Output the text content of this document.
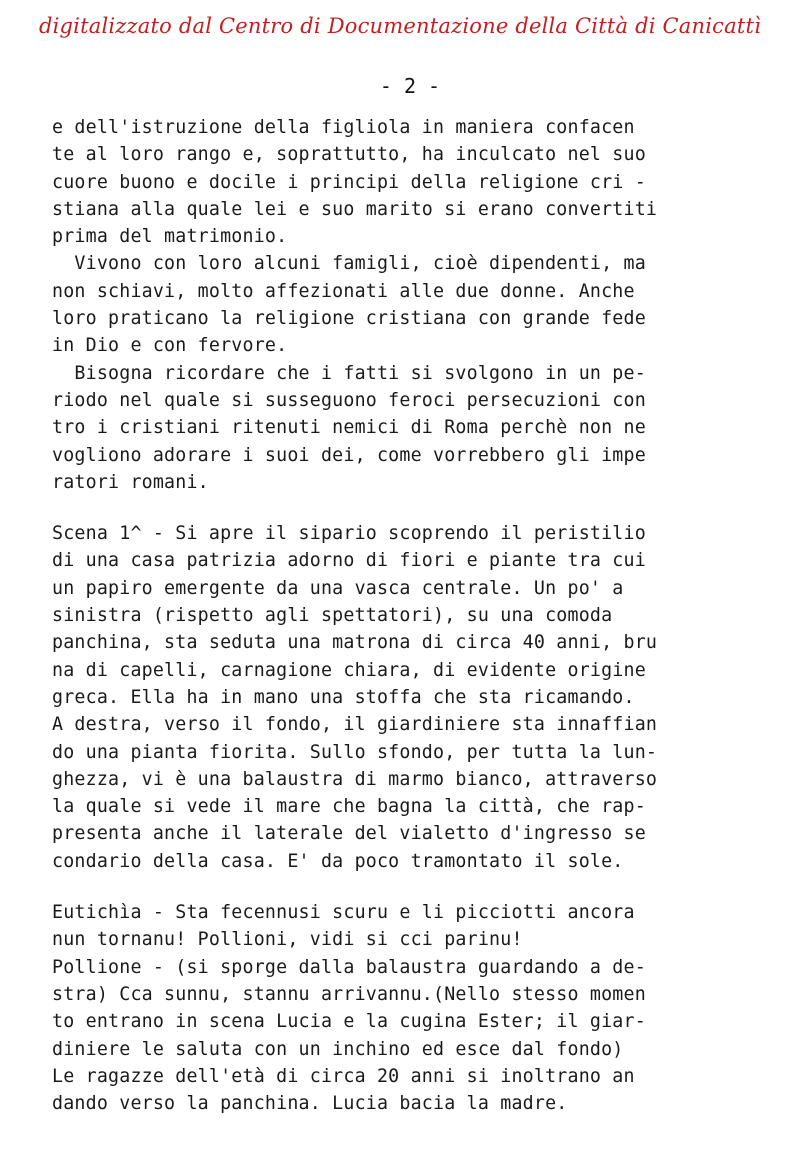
digitalizzato dal Centro di Documentazione della Città di Canicattì
- 2 -
e dell'istruzione della figliola in maniera confacen
te al loro rango e, soprattutto, ha inculcato nel suo
cuore buono e docile i principi della religione cri -
stiana alla quale lei e suo marito si erano convertiti
prima del matrimonio.
Vivono con loro alcuni famigli, cioè dipendenti, ma
non schiavi, molto affezionati alle due donne. Anche
loro praticano la religione cristiana con grande fede
in Dio e con fervore.
Bisogna ricordare che i fatti si svolgono in un pe-
riodo nel quale si susseguono feroci persecuzioni con
tro i cristiani ritenuti nemici di Roma perchè non ne
vogliono adorare i suoi dei, come vorrebbero gli impe
ratori romani.
Scena 1^ - Si apre il sipario scoprendo il peristilio
di una casa patrizia adorno di fiori e piante tra cui
un papiro emergente da una vasca centrale. Un po' a
sinistra (rispetto agli spettatori), su una comoda
panchina, sta seduta una matrona di circa 40 anni, bru
na di capelli, carnagione chiara, di evidente origine
greca. Ella ha in mano una stoffa che sta ricamando.
A destra, verso il fondo, il giardiniere sta innaffian
do una pianta fiorita. Sullo sfondo, per tutta la lun-
ghezza, vi è una balaustra di marmo bianco, attraverso
la quale si vede il mare che bagna la città, che rap-
presenta anche il laterale del vialetto d'ingresso se
condario della casa. E' da poco tramontato il sole.
Eutichìa - Sta fecennusi scuru e li picciotti ancora
nun tornanu! Pollioni, vidi si cci parinu!
Pollione - (si sporge dalla balaustra guardando a de-
stra) Cca sunnu, stannu arrivannu.(Nello stesso momen
to entrano in scena Lucia e la cugina Ester; il giar-
diniere le saluta con un inchino ed esce dal fondo)
Le ragazze dell'età di circa 20 anni si inoltrano an
dando verso la panchina. Lucia bacia la madre.
